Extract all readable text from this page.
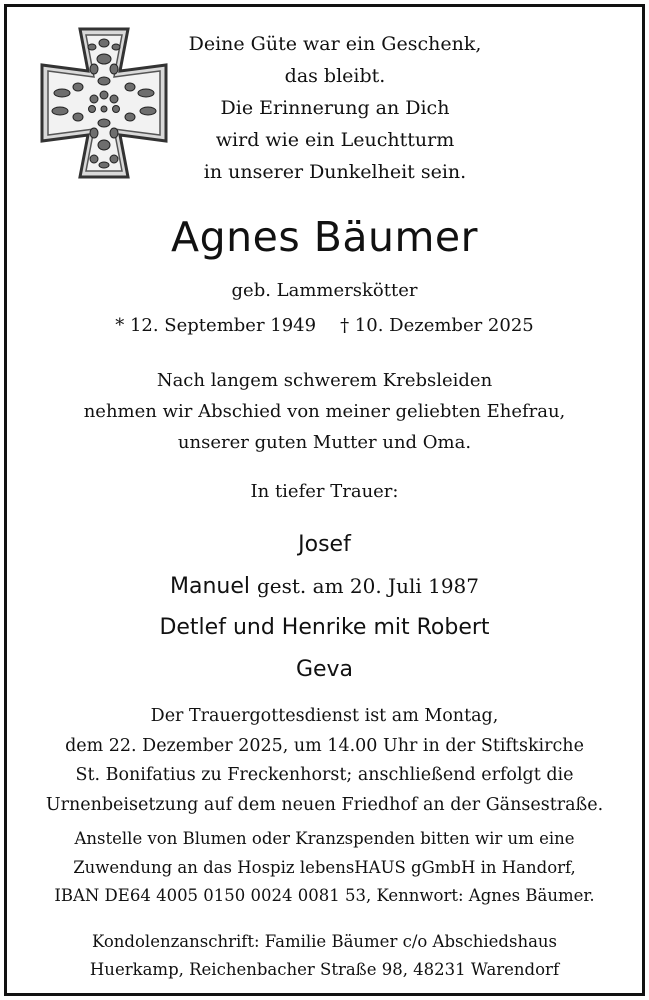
Deine Güte war ein Geschenk,
das bleibt.
Die Erinnerung an Dich
wird wie ein Leuchtturm
in unserer Dunkelheit sein.
Agnes Bäumer
geb. Lammerskötter
* 12. September 1949 † 10. Dezember 2025
Nach langem schwerem Krebsleiden
nehmen wir Abschied von meiner geliebten Ehefrau,
unserer guten Mutter und Oma.
In tiefer Trauer:
Josef
Manuel gest. am 20. Juli 1987
Detlef und Henrike mit Robert
Geva
Der Trauergottesdienst ist am Montag,
dem 22. Dezember 2025, um 14.00 Uhr in der Stiftskirche
St. Bonifatius zu Freckenhorst; anschließend erfolgt die
Urnenbeisetzung auf dem neuen Friedhof an der Gänsestraße.
Anstelle von Blumen oder Kranzspenden bitten wir um eine
Zuwendung an das Hospiz lebensHAUS gGmbH in Handorf,
IBAN DE64 4005 0150 0024 0081 53, Kennwort: Agnes Bäumer.
Kondolenzanschrift: Familie Bäumer c/o Abschiedshaus
Huerkamp, Reichenbacher Straße 98, 48231 Warendorf
